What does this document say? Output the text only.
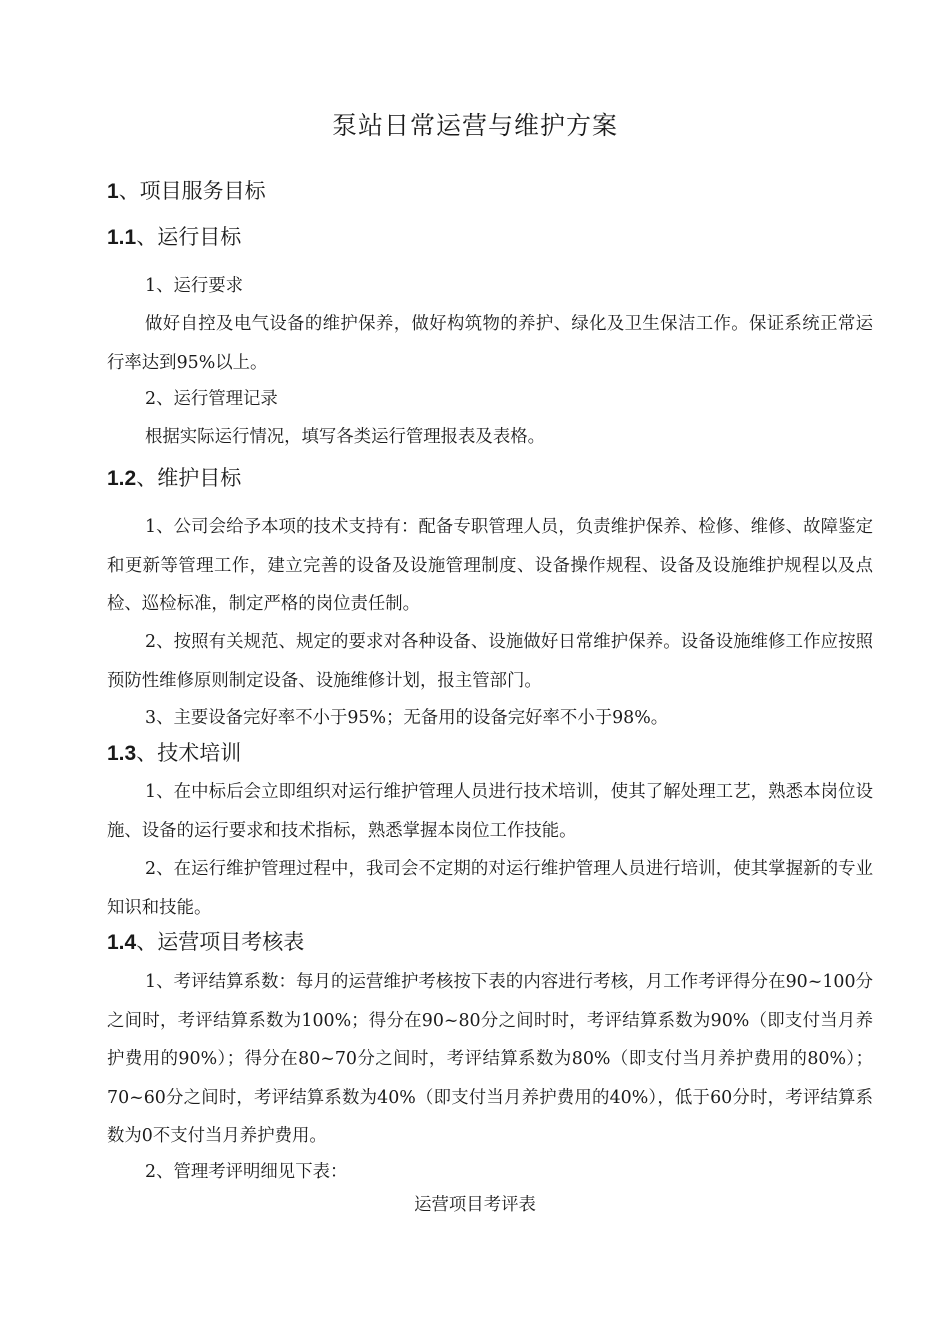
泵站日常运营与维护方案
1、项目服务目标
1.1、运行目标
1、运行要求
做好自控及电气设备的维护保养，做好构筑物的养护、绿化及卫生保洁工作。保证系统正常运行率达到95%以上。
2、运行管理记录
根据实际运行情况，填写各类运行管理报表及表格。
1.2、维护目标
1、公司会给予本项的技术支持有：配备专职管理人员，负责维护保养、检修、维修、故障鉴定和更新等管理工作，建立完善的设备及设施管理制度、设备操作规程、设备及设施维护规程以及点检、巡检标准，制定严格的岗位责任制。
2、按照有关规范、规定的要求对各种设备、设施做好日常维护保养。设备设施维修工作应按照预防性维修原则制定设备、设施维修计划，报主管部门。
3、主要设备完好率不小于95%；无备用的设备完好率不小于98%。
1.3、技术培训
1、在中标后会立即组织对运行维护管理人员进行技术培训，使其了解处理工艺，熟悉本岗位设施、设备的运行要求和技术指标，熟悉掌握本岗位工作技能。
2、在运行维护管理过程中，我司会不定期的对运行维护管理人员进行培训，使其掌握新的专业知识和技能。
1.4、运营项目考核表
1、考评结算系数：每月的运营维护考核按下表的内容进行考核，月工作考评得分在90~100分之间时，考评结算系数为100%；得分在90~80分之间时时，考评结算系数为90%（即支付当月养护费用的90%）；得分在80~70分之间时，考评结算系数为80%（即支付当月养护费用的80%）；70~60分之间时，考评结算系数为40%（即支付当月养护费用的40%），低于60分时，考评结算系数为0不支付当月养护费用。
2、管理考评明细见下表：
运营项目考评表
